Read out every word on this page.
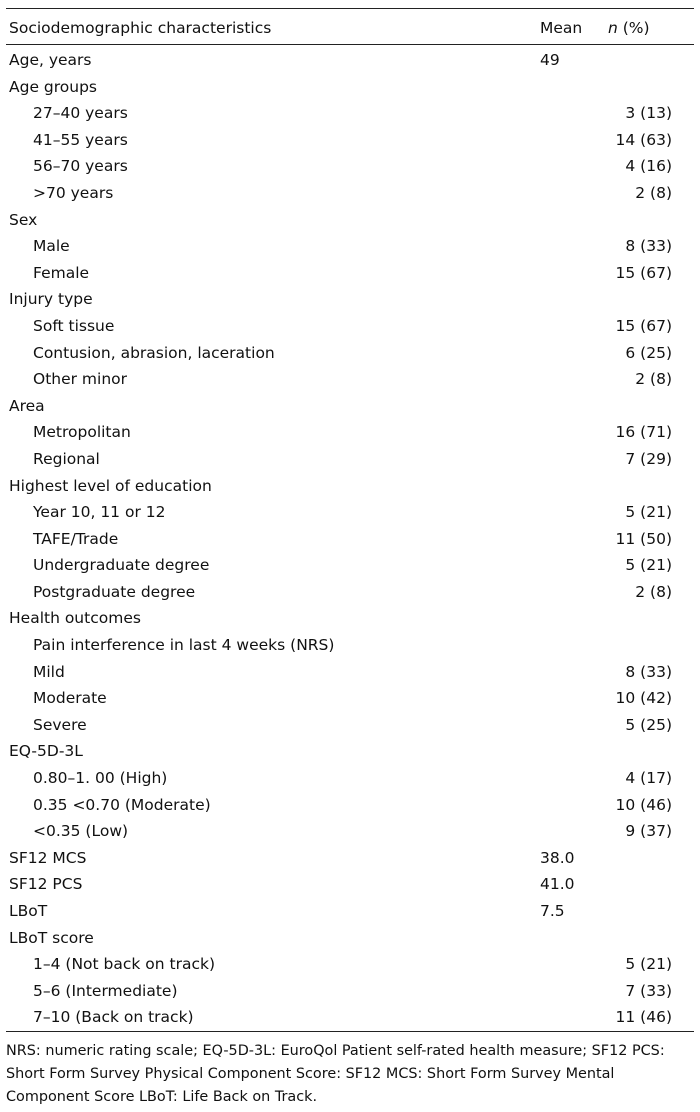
Sociodemographic characteristics	Mean	n (%)
Age, years	49	
Age groups		
27–40 years		3 (13)
41–55 years		14 (63)
56–70 years		4 (16)
>70 years		2 (8)
Sex		
Male		8 (33)
Female		15 (67)
Injury type		
Soft tissue		15 (67)
Contusion, abrasion, laceration		6 (25)
Other minor		2 (8)
Area		
Metropolitan		16 (71)
Regional		7 (29)
Highest level of education		
Year 10, 11 or 12		5 (21)
TAFE/Trade		11 (50)
Undergraduate degree		5 (21)
Postgraduate degree		2 (8)
Health outcomes		
Pain interference in last 4 weeks (NRS)		
Mild		8 (33)
Moderate		10 (42)
Severe		5 (25)
EQ-5D-3L		
0.80–1. 00 (High)		4 (17)
0.35 <0.70 (Moderate)		10 (46)
<0.35 (Low)		9 (37)
SF12 MCS	38.0	
SF12 PCS	41.0	
LBoT	7.5	
LBoT score		
1–4 (Not back on track)		5 (21)
5–6 (Intermediate)		7 (33)
7–10 (Back on track)		11 (46)

NRS: numeric rating scale; EQ-5D-3L: EuroQol Patient self-rated health measure; SF12 PCS: Short Form Survey Physical Component Score: SF12 MCS: Short Form Survey Mental Component Score LBoT: Life Back on Track.
